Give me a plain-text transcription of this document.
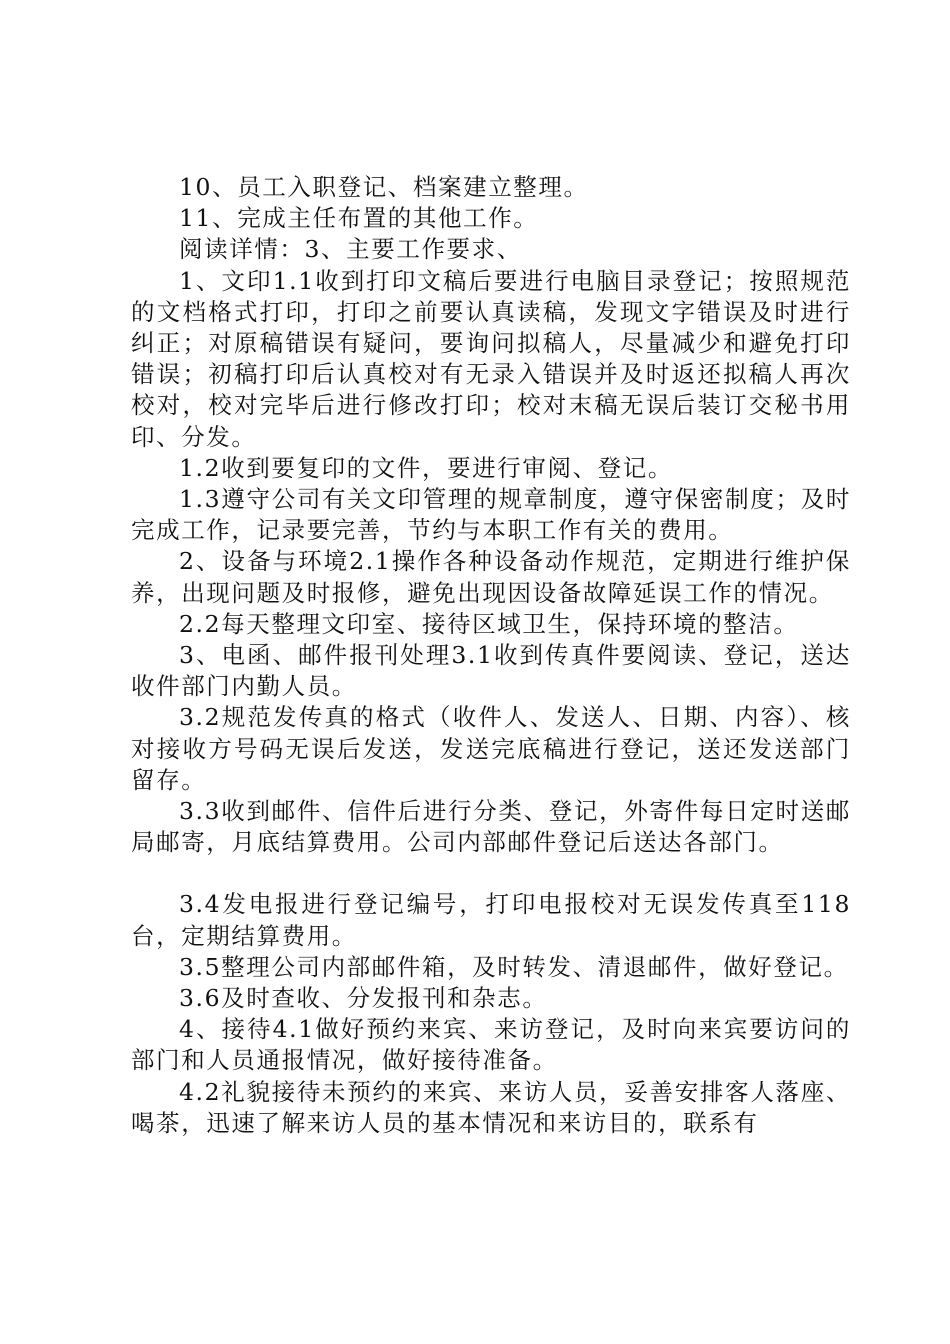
10、员工入职登记、档案建立整理。

11、完成主任布置的其他工作。

阅读详情：3、主要工作要求、

1、文印1.1收到打印文稿后要进行电脑目录登记；按照规范的文档格式打印，打印之前要认真读稿，发现文字错误及时进行纠正；对原稿错误有疑问，要询问拟稿人，尽量减少和避免打印错误；初稿打印后认真校对有无录入错误并及时返还拟稿人再次校对，校对完毕后进行修改打印；校对末稿无误后装订交秘书用印、分发。

1.2收到要复印的文件，要进行审阅、登记。

1.3遵守公司有关文印管理的规章制度，遵守保密制度；及时完成工作，记录要完善，节约与本职工作有关的费用。

2、设备与环境2.1操作各种设备动作规范，定期进行维护保养，出现问题及时报修，避免出现因设备故障延误工作的情况。

2.2每天整理文印室、接待区域卫生，保持环境的整洁。

3、电函、邮件报刊处理3.1收到传真件要阅读、登记，送达收件部门内勤人员。

3.2规范发传真的格式（收件人、发送人、日期、内容）、核对接收方号码无误后发送，发送完底稿进行登记，送还发送部门留存。

3.3收到邮件、信件后进行分类、登记，外寄件每日定时送邮局邮寄，月底结算费用。公司内部邮件登记后送达各部门。

3.4发电报进行登记编号，打印电报校对无误发传真至118台，定期结算费用。

3.5整理公司内部邮件箱，及时转发、清退邮件，做好登记。

3.6及时查收、分发报刊和杂志。

4、接待4.1做好预约来宾、来访登记，及时向来宾要访问的部门和人员通报情况，做好接待准备。

4.2礼貌接待未预约的来宾、来访人员，妥善安排客人落座、喝茶，迅速了解来访人员的基本情况和来访目的，联系有
